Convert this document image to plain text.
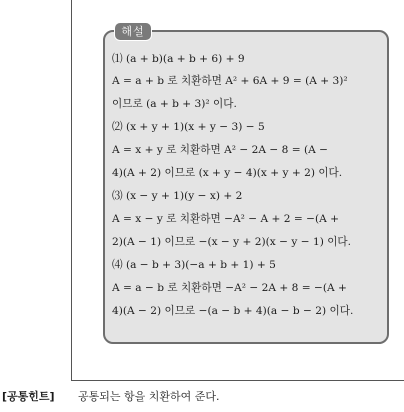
해설
⑴ (a + b)(a + b + 6) + 9
A = a + b 로 치환하면 A² + 6A + 9 = (A + 3)²
이므로 (a + b + 3)² 이다.
⑵ (x + y + 1)(x + y − 3) − 5
A = x + y 로 치환하면 A² − 2A − 8 = (A −
4)(A + 2) 이므로 (x + y − 4)(x + y + 2) 이다.
⑶ (x − y + 1)(y − x) + 2
A = x − y 로 치환하면 −A² − A + 2 = −(A +
2)(A − 1) 이므로 −(x − y + 2)(x − y − 1) 이다.
⑷ (a − b + 3)(−a + b + 1) + 5
A = a − b 로 치환하면 −A² − 2A + 8 = −(A +
4)(A − 2) 이므로 −(a − b + 4)(a − b − 2) 이다.
[공통힌트] 공통되는 항을 치환하여 준다.
